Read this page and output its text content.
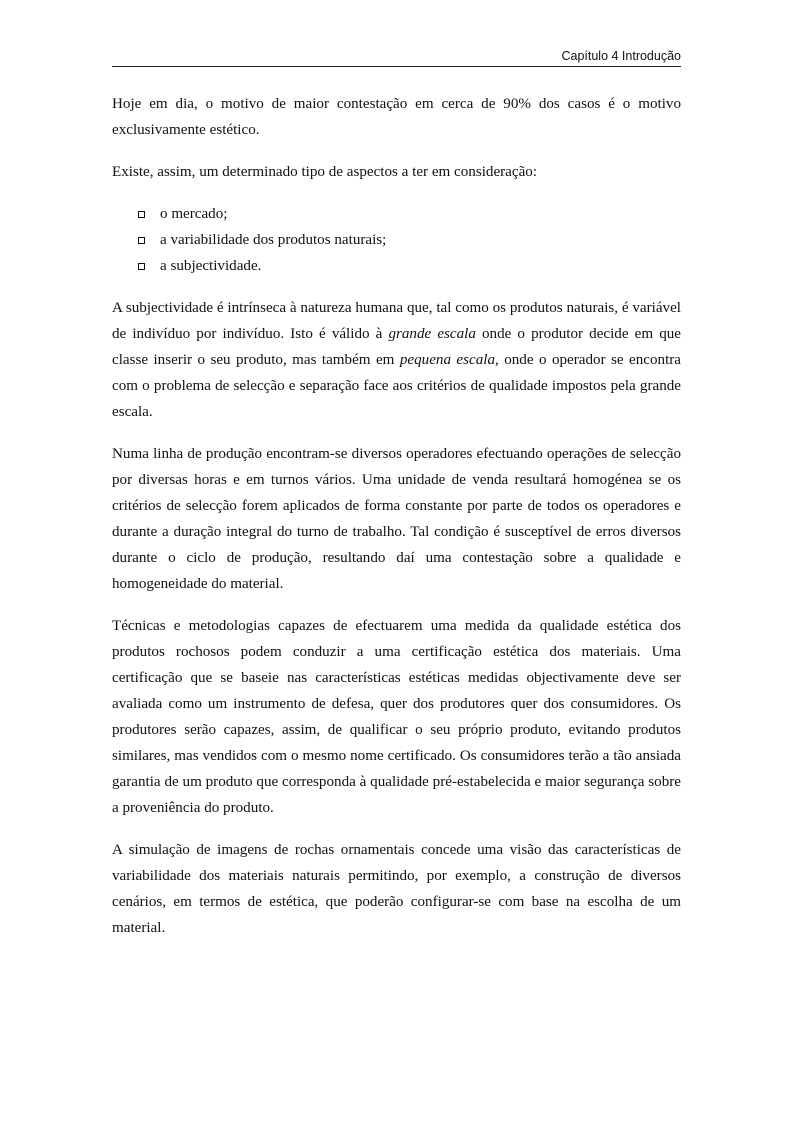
Capítulo 4 Introdução

Hoje em dia, o motivo de maior contestação em cerca de 90% dos casos é o motivo exclusivamente estético.

Existe, assim, um determinado tipo de aspectos a ter em consideração:

o mercado;
a variabilidade dos produtos naturais;
a subjectividade.

A subjectividade é intrínseca à natureza humana que, tal como os produtos naturais, é variável de indivíduo por indivíduo. Isto é válido à grande escala onde o produtor decide em que classe inserir o seu produto, mas também em pequena escala, onde o operador se encontra com o problema de selecção e separação face aos critérios de qualidade impostos pela grande escala.

Numa linha de produção encontram-se diversos operadores efectuando operações de selecção por diversas horas e em turnos vários. Uma unidade de venda resultará homogénea se os critérios de selecção forem aplicados de forma constante por parte de todos os operadores e durante a duração integral do turno de trabalho. Tal condição é susceptível de erros diversos durante o ciclo de produção, resultando daí uma contestação sobre a qualidade e homogeneidade do material.

Técnicas e metodologias capazes de efectuarem uma medida da qualidade estética dos produtos rochosos podem conduzir a uma certificação estética dos materiais. Uma certificação que se baseie nas características estéticas medidas objectivamente deve ser avaliada como um instrumento de defesa, quer dos produtores quer dos consumidores. Os produtores serão capazes, assim, de qualificar o seu próprio produto, evitando produtos similares, mas vendidos com o mesmo nome certificado. Os consumidores terão a tão ansiada garantia de um produto que corresponda à qualidade pré-estabelecida e maior segurança sobre a proveniência do produto.

A simulação de imagens de rochas ornamentais concede uma visão das características de variabilidade dos materiais naturais permitindo, por exemplo, a construção de diversos cenários, em termos de estética, que poderão configurar-se com base na escolha de um material.
